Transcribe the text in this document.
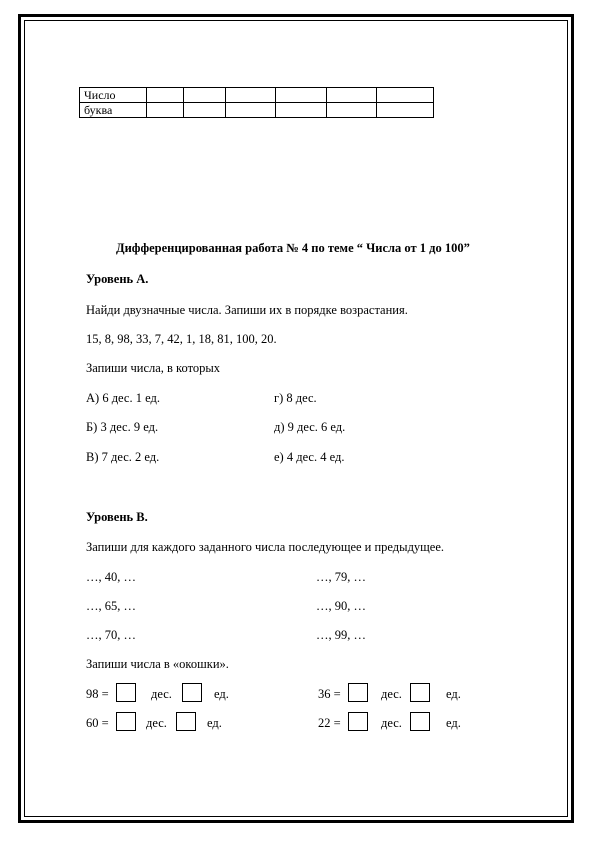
Число						
буква						
Дифференцированная работа № 4 по теме “ Числа от 1 до 100”
Уровень А.
Найди двузначные числа. Запиши их в порядке возрастания.
15, 8, 98, 33, 7, 42, 1, 18, 81, 100, 20.
Запиши числа, в которых
А) 6 дес. 1 ед.	г) 8 дес.
Б) 3 дес. 9 ед.	д) 9 дес. 6 ед.
В) 7 дес. 2 ед.	е) 4 дес. 4 ед.
Уровень В.
Запиши для каждого заданного числа последующее и предыдущее.
…, 40, …	…, 79, …
…, 65, …	…, 90, …
…, 70, …	…, 99, …
Запиши числа в «окошки».
98 =	дес.	ед.	36 =	дес.	ед.
60 =	дес.	ед.	22 =	дес.	ед.
